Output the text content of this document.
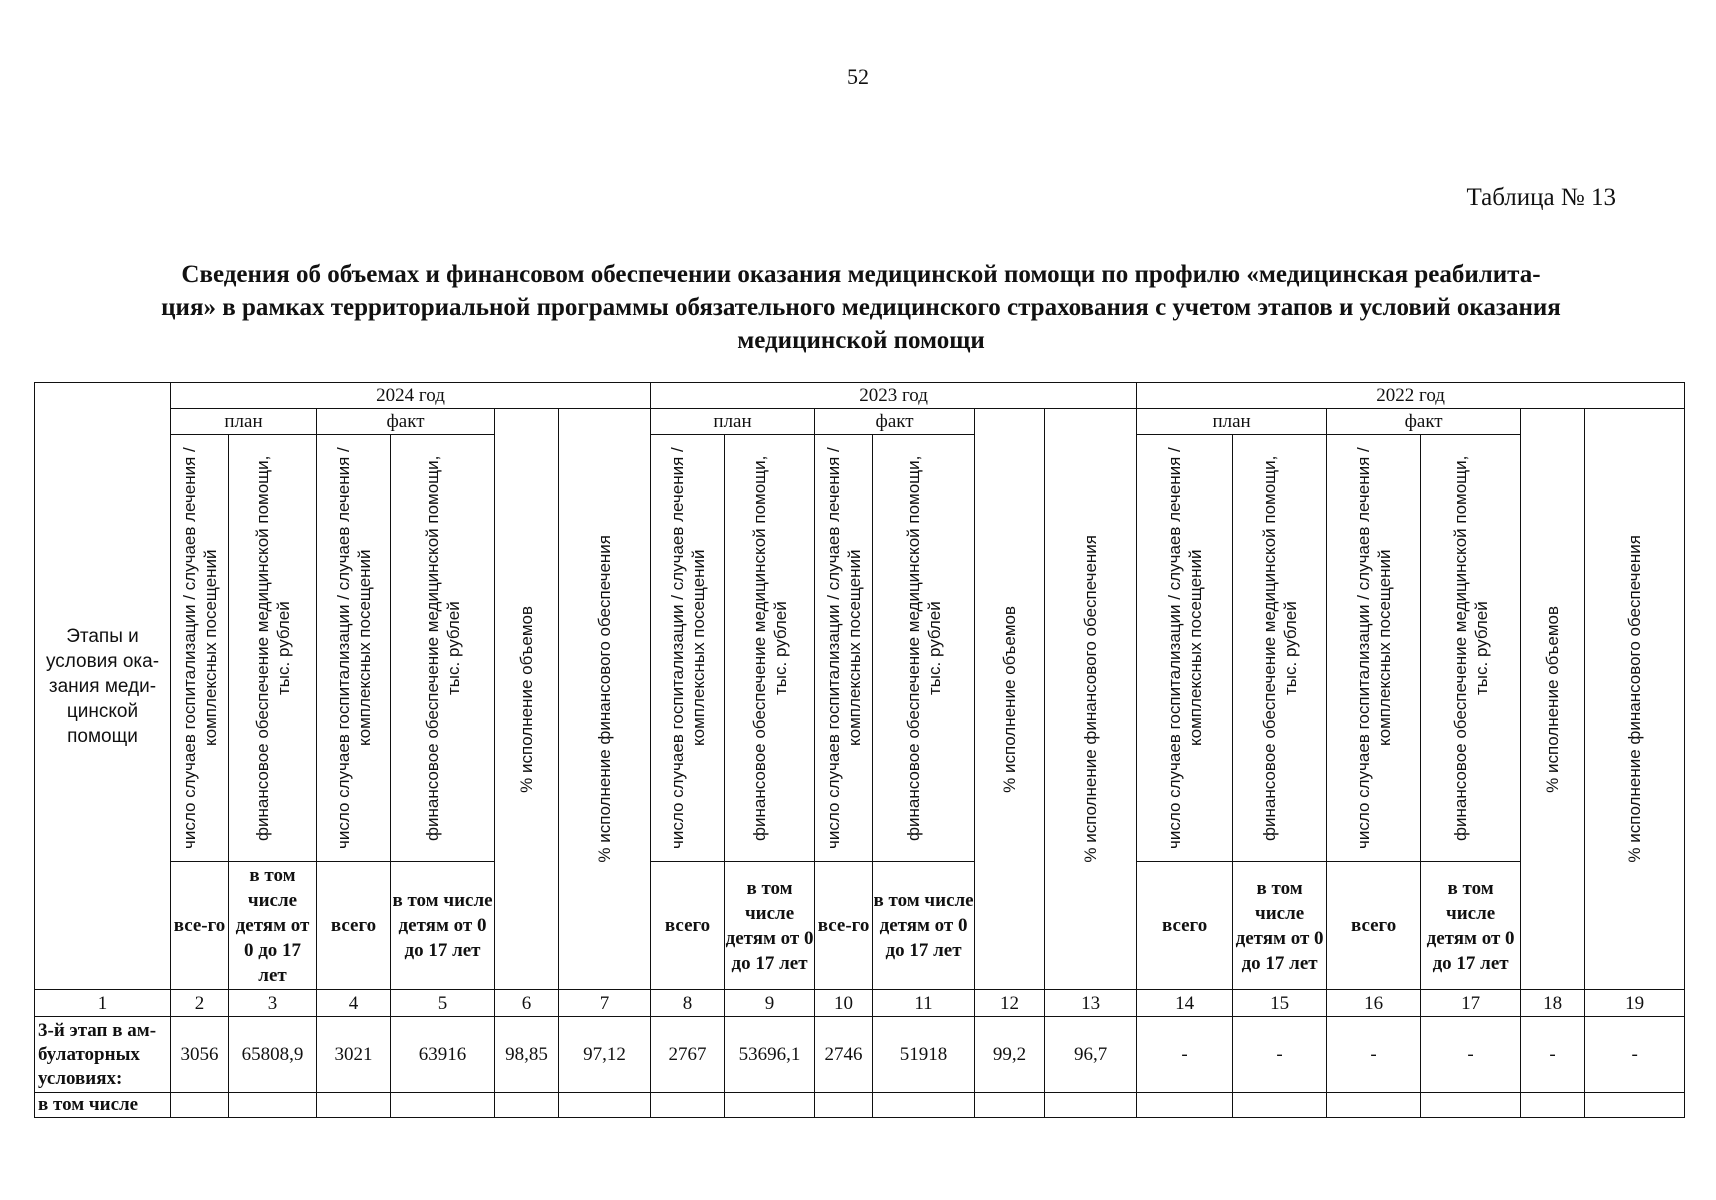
52
Таблица № 13
Сведения об объемах и финансовом обеспечении оказания медицинской помощи по профилю «медицинская реабилита-
ция» в рамках территориальной программы обязательного медицинского страхования с учетом этапов и условий оказания
медицинской помощи
Этапы и условия ока-зания меди-цинской помощи	2024 год						2023 год						2022 год					
	план		факт		% исполнение объемов	% исполнение финансового обеспечения	план		факт		% исполнение объемов	% исполнение финансового обеспечения	план		факт		% исполнение объемов	% исполнение финансового обеспечения

	число случаев госпитализации / случаев лечения / комплексных посещений	финансовое обеспечение медицинской помощи, тыс. рублей	число случаев госпитализации / случаев лечения / комплексных посещений	финансовое обеспечение медицинской помощи, тыс. рублей			число случаев госпитализации / случаев лечения / комплексных посещений	финансовое обеспечение медицинской помощи, тыс. рублей	число случаев госпитализации / случаев лечения / комплексных посещений	финансовое обеспечение медицинской помощи, тыс. рублей			число случаев госпитализации / случаев лечения / комплексных посещений	финансовое обеспечение медицинской помощи, тыс. рублей	число случаев госпитализации / случаев лечения / комплексных посещений	финансовое обеспечение медицинской помощи, тыс. рублей		

	все-го	в том числе детям от 0 до 17 лет	всего	в том числе детям от 0 до 17 лет			всего	в том числе детям от 0 до 17 лет	все-го	в том числе детям от 0 до 17 лет			всего	в том числе детям от 0 до 17 лет	всего	в том числе детям от 0 до 17 лет		
1	2	3	4	5	6	7	8	9	10	11	12	13	14	15	16	17	18	19
3-й этап в ам-булаторных условиях:	3056	65808,9	3021	63916	98,85	97,12	2767	53696,1	2746	51918	99,2	96,7	-	-	-	-	-	-
в том числе																		
